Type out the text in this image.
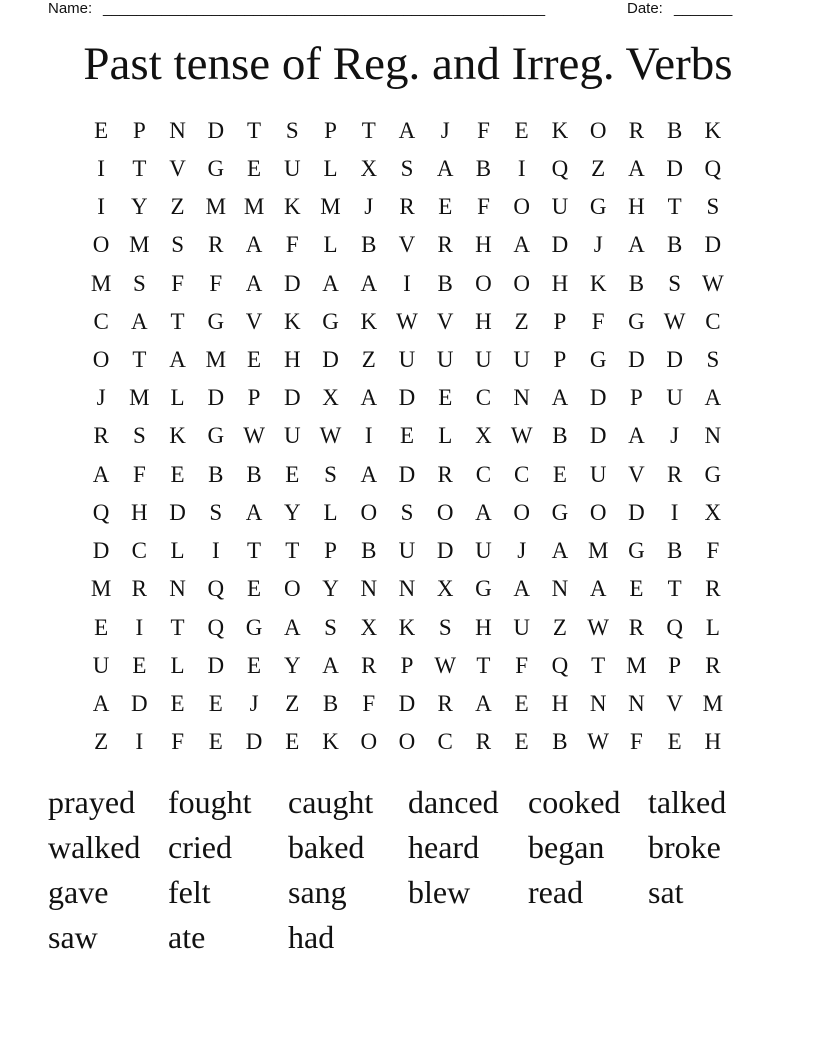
Name: _____________________________________________________	Date: _______
Past tense of Reg. and Irreg. Verbs
E	P	N D T	S	P	T A	J	F	E K O R B K
I	T V G E U L X	S	A B	I	Q Z A D Q
I	Y Z M M K M	J	R	E	F	O U G H T	S
O M S	R A	F	L	B V R H A D	J	A B D
M S	F	F	A D A A	I	B O O H K B	S W
C A T G V K G K W V H Z	P	F	G W C
O T A M E H D Z U U U U	P	G D D	S
J	M L D	P	D X A D E	C N A D	P	U A
R	S	K G W U W	I	E	L X W B D A	J	N
A	F	E	B B	E	S	A D R C C	E U V R G
Q H D	S	A Y L O	S	O A O G O D	I	X
D C	L	I	T	T	P	B U D U	J	A M G B	F
M R N Q E O Y N N X G A N A E	T	R
E	I	T Q G A	S	X K	S	H U Z W R Q L
U E	L D E Y A R	P W T	F	Q T M P	R
A D E	E	J	Z	B	F	D R A E H N N V M
Z	I	F	E D E K O O C R	E	B W F	E H
prayed	fought	caught	danced cooked talked
walked cried	baked	heard	began	broke
gave	felt	sang	blew	read	sat
saw	ate	had
